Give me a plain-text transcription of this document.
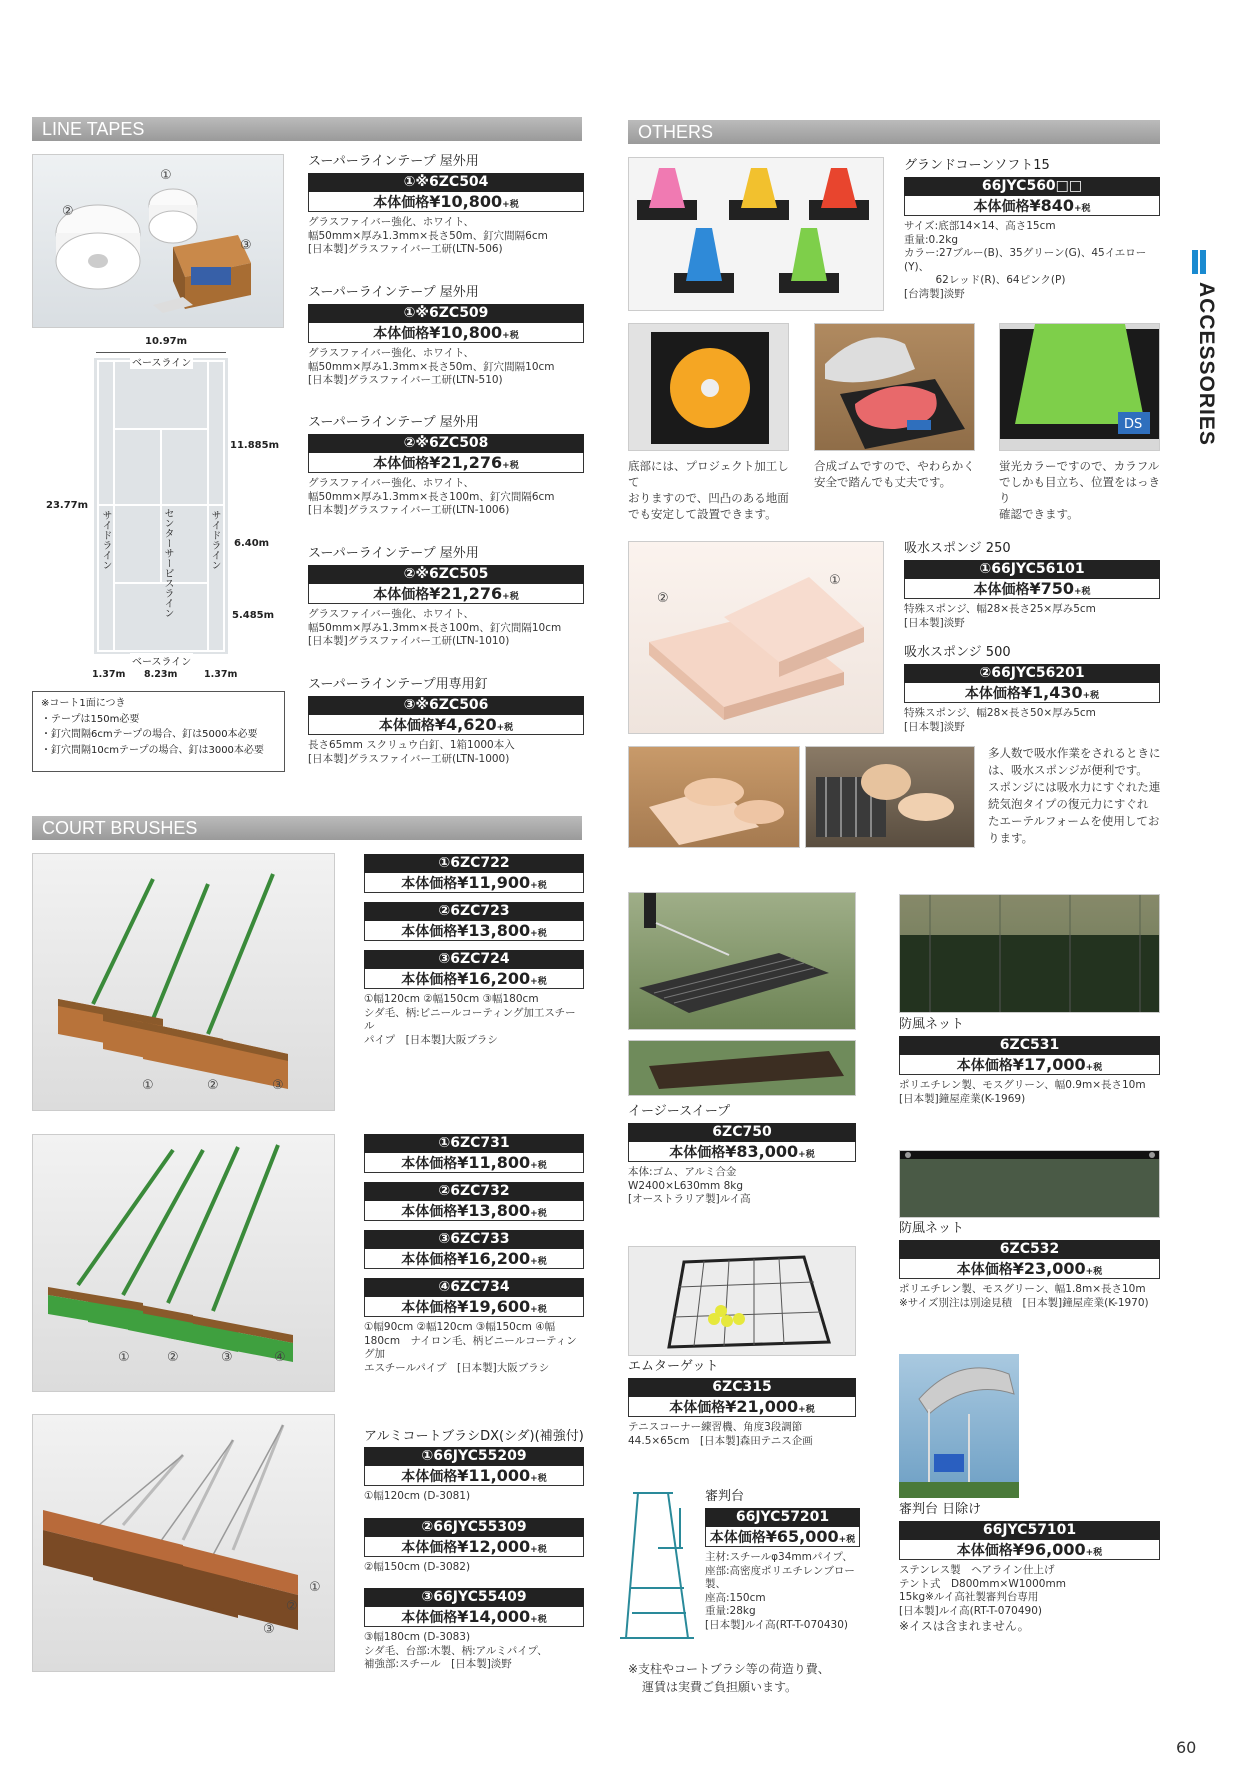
LINE TAPES	OTHERS
COURT BRUSHES
ACCESSORIES
①
②
③
10.97m
ベースライン
11.885m
23.77m
サイドライン	センターサービスライン	サイドライン 6.40m
5.485m
ベースライン
1.37m 8.23m	1.37m
※コート1面につき
・テープは150m必要
・釘穴間隔6cmテープの場合、釘は5000本必要
・釘穴間隔10cmテープの場合、釘は3000本必要
スーパーラインテープ 屋外用
①※6ZC504
本体価格¥10,800+税
グラスファイバー強化、ホワイト、
幅50mm×厚み1.3mm×長さ50m、釘穴間隔6cm
[日本製]グラスファイバー工研(LTN-506)
スーパーラインテープ 屋外用
①※6ZC509
本体価格¥10,800+税
グラスファイバー強化、ホワイト、
幅50mm×厚み1.3mm×長さ50m、釘穴間隔10cm
[日本製]グラスファイバー工研(LTN-510)
スーパーラインテープ 屋外用
②※6ZC508
本体価格¥21,276+税
グラスファイバー強化、ホワイト、
幅50mm×厚み1.3mm×長さ100m、釘穴間隔6cm
[日本製]グラスファイバー工研(LTN-1006)
スーパーラインテープ 屋外用
②※6ZC505
本体価格¥21,276+税
グラスファイバー強化、ホワイト、
幅50mm×厚み1.3mm×長さ100m、釘穴間隔10cm
[日本製]グラスファイバー工研(LTN-1010)
スーパーラインテープ用専用釘
③※6ZC506
本体価格¥4,620+税
長さ65mm スクリュウ白釘、1箱1000本入
[日本製]グラスファイバー工研(LTN-1000)
①	②	③
①6ZC722
本体価格¥11,900+税
②6ZC723
本体価格¥13,800+税
③6ZC724
本体価格¥16,200+税
①幅120cm ②幅150cm ③幅180cm
シダ毛、柄:ビニールコーティング加工スチール
パイプ　[日本製]大阪ブラシ
①	②	③	④
①6ZC731
本体価格¥11,800+税
②6ZC732
本体価格¥13,800+税
③6ZC733
本体価格¥16,200+税
④6ZC734
本体価格¥19,600+税
①幅90cm ②幅120cm ③幅150cm ④幅
180cm　ナイロン毛、柄ビニールコーティング加
エスチールパイプ　[日本製]大阪ブラシ
①
②
③
アルミコートブラシDX(シダ)(補強付)
①66JYC55209
本体価格¥11,000+税
①幅120cm (D-3081)
②66JYC55309
本体価格¥12,000+税
②幅150cm (D-3082)
③66JYC55409
本体価格¥14,000+税
③幅180cm (D-3083)
シダ毛、台部:木製、柄:アルミパイプ、
補強部:スチール　[日本製]淡野
グランドコーンソフト15
66JYC560□□
本体価格¥840+税
サイズ:底部14×14、高さ15cm
重量:0.2kg
カラー:27ブルー(B)、35グリーン(G)、45イエロー(Y)、
　　　62レッド(R)、64ピンク(P)
[台湾製]淡野
DS
底部には、プロジェクト加工して
おりますので、凹凸のある地面
でも安定して設置できます。
合成ゴムですので、やわらかく
安全で踏んでも丈夫です。
蛍光カラーですので、カラフル
でしかも目立ち、位置をはっきり
確認できます。
②
①
吸水スポンジ 250
①66JYC56101
本体価格¥750+税
特殊スポンジ、幅28×長さ25×厚み5cm
[日本製]淡野
吸水スポンジ 500
②66JYC56201
本体価格¥1,430+税
特殊スポンジ、幅28×長さ50×厚み5cm
[日本製]淡野
多人数で吸水作業をされるときに
は、吸水スポンジが便利です。
スポンジには吸水力にすぐれた連
続気泡タイプの復元力にすぐれ
たエーテルフォームを使用してお
ります。
イージースイープ
6ZC750
本体価格¥83,000+税
本体:ゴム、アルミ合金
W2400×L630mm 8kg
[オーストラリア製]ルイ高
防風ネット
6ZC531
本体価格¥17,000+税
ポリエチレン製、モスグリーン、幅0.9m×長さ10m
[日本製]鐘屋産業(K-1969)
防風ネット
6ZC532
本体価格¥23,000+税
ポリエチレン製、モスグリーン、幅1.8m×長さ10m
※サイズ別注は別途見積　[日本製]鐘屋産業(K-1970)
エムターゲット
6ZC315
本体価格¥21,000+税
テニスコーナー練習機、角度3段調節
44.5×65cm　[日本製]森田テニス企画
審判台
66JYC57201
本体価格¥65,000+税
主材:スチールφ34mmパイプ、
座部:高密度ポリエチレンブロー製、
座高:150cm
重量:28kg
[日本製]ルイ高(RT-T-070430)
審判台 日除け
66JYC57101
本体価格¥96,000+税
ステンレス製　ヘアライン仕上げ
テント式　D800mm×W1000mm
15kg※ルイ高社製審判台専用
[日本製]ルイ高(RT-T-070490)
※イスは含まれません。
※支柱やコートブラシ等の荷造り費、
運賃は実費ご負担願います。
60
